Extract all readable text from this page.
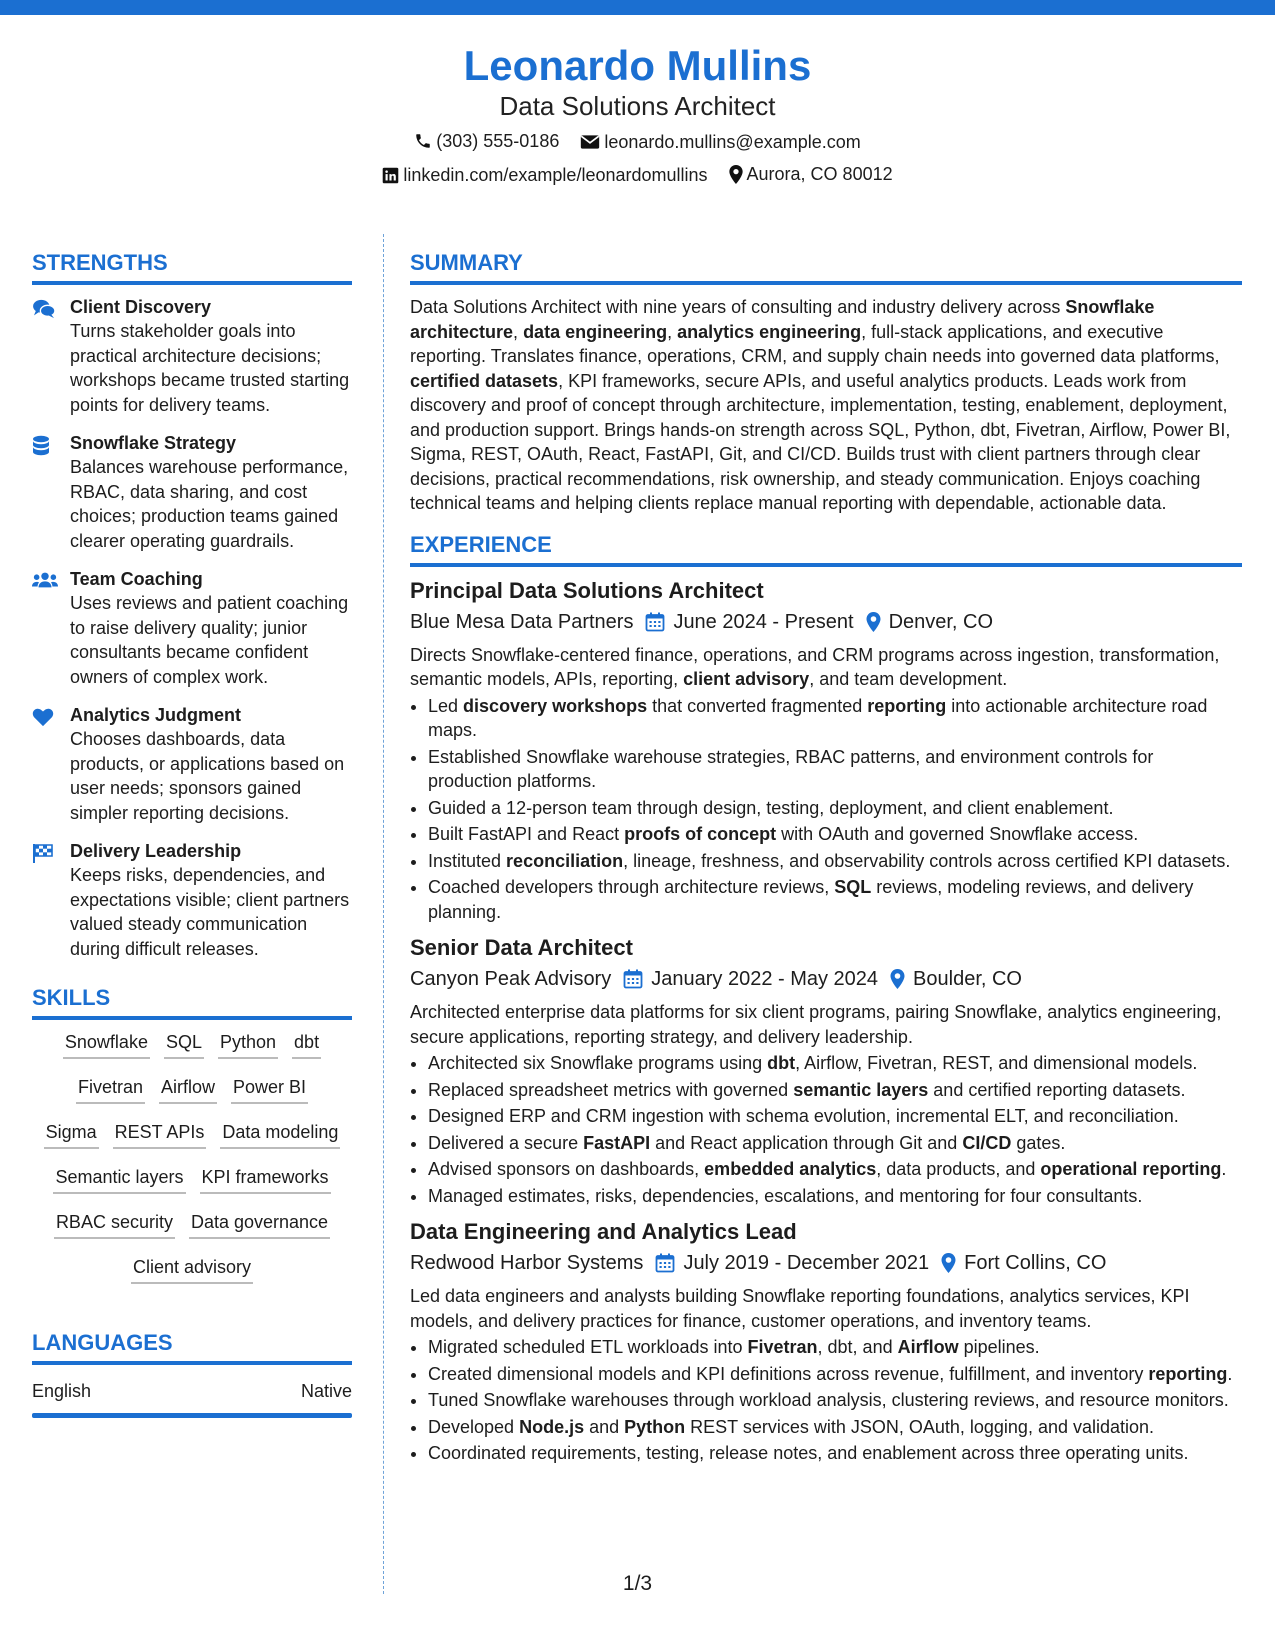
Leonardo Mullins
Data Solutions Architect
(303) 555-0186
	leonardo.mullins@example.com
linkedin.com/example/leonardomullins
Aurora, CO 80012
STRENGTHS
Client Discovery
Turns stakeholder goals into practical architecture decisions; workshops became trusted starting points for delivery teams.
Snowflake Strategy
Balances warehouse performance, RBAC, data sharing, and cost choices; production teams gained clearer operating guardrails.
Team Coaching
Uses reviews and patient coaching to raise delivery quality; junior consultants became confident owners of complex work.
Analytics Judgment
Chooses dashboards, data products, or applications based on user needs; sponsors gained simpler reporting decisions.
Delivery Leadership
Keeps risks, dependencies, and expectations visible; client partners valued steady communication during difficult releases.
SKILLS
Snowflake SQL Python dbt
Fivetran Airflow Power BI
Sigma REST APIs Data modeling
Semantic layers KPI frameworks
RBAC security Data governance
Client advisory
LANGUAGES
English	Native
SUMMARY
Data Solutions Architect with nine years of consulting and industry delivery across Snowflake architecture, data engineering, analytics engineering, full-stack applications, and executive reporting. Translates finance, operations, CRM, and supply chain needs into governed data platforms, certified datasets, KPI frameworks, secure APIs, and useful analytics products. Leads work from discovery and proof of concept through architecture, implementation, testing, enablement, deployment, and production support. Brings hands-on strength across SQL, Python, dbt, Fivetran, Airflow, Power BI, Sigma, REST, OAuth, React, FastAPI, Git, and CI/CD. Builds trust with client partners through clear decisions, practical recommendations, risk ownership, and steady communication. Enjoys coaching technical teams and helping clients replace manual reporting with dependable, actionable data.
EXPERIENCE
Principal Data Solutions Architect
Blue Mesa Data Partners June 2024 - Present Denver, CO
Directs Snowflake-centered finance, operations, and CRM programs across ingestion, transformation, semantic models, APIs, reporting, client advisory, and team development.
• Led discovery workshops that converted fragmented reporting into actionable architecture road maps.
• Established Snowflake warehouse strategies, RBAC patterns, and environment controls for production platforms.
• Guided a 12-person team through design, testing, deployment, and client enablement.
• Built FastAPI and React proofs of concept with OAuth and governed Snowflake access.
• Instituted reconciliation, lineage, freshness, and observability controls across certified KPI datasets.
• Coached developers through architecture reviews, SQL reviews, modeling reviews, and delivery planning.
Senior Data Architect
Canyon Peak Advisory January 2022 - May 2024 Boulder, CO
Architected enterprise data platforms for six client programs, pairing Snowflake, analytics engineering, secure applications, reporting strategy, and delivery leadership.
• Architected six Snowflake programs using dbt, Airflow, Fivetran, REST, and dimensional models.
• Replaced spreadsheet metrics with governed semantic layers and certified reporting datasets.
• Designed ERP and CRM ingestion with schema evolution, incremental ELT, and reconciliation.
• Delivered a secure FastAPI and React application through Git and CI/CD gates.
• Advised sponsors on dashboards, embedded analytics, data products, and operational reporting.
• Managed estimates, risks, dependencies, escalations, and mentoring for four consultants.
Data Engineering and Analytics Lead
Redwood Harbor Systems July 2019 - December 2021 Fort Collins, CO
Led data engineers and analysts building Snowflake reporting foundations, analytics services, KPI models, and delivery practices for finance, customer operations, and inventory teams.
• Migrated scheduled ETL workloads into Fivetran, dbt, and Airflow pipelines.
• Created dimensional models and KPI definitions across revenue, fulfillment, and inventory reporting.
• Tuned Snowflake warehouses through workload analysis, clustering reviews, and resource monitors.
• Developed Node.js and Python REST services with JSON, OAuth, logging, and validation.
• Coordinated requirements, testing, release notes, and enablement across three operating units.
1/3
